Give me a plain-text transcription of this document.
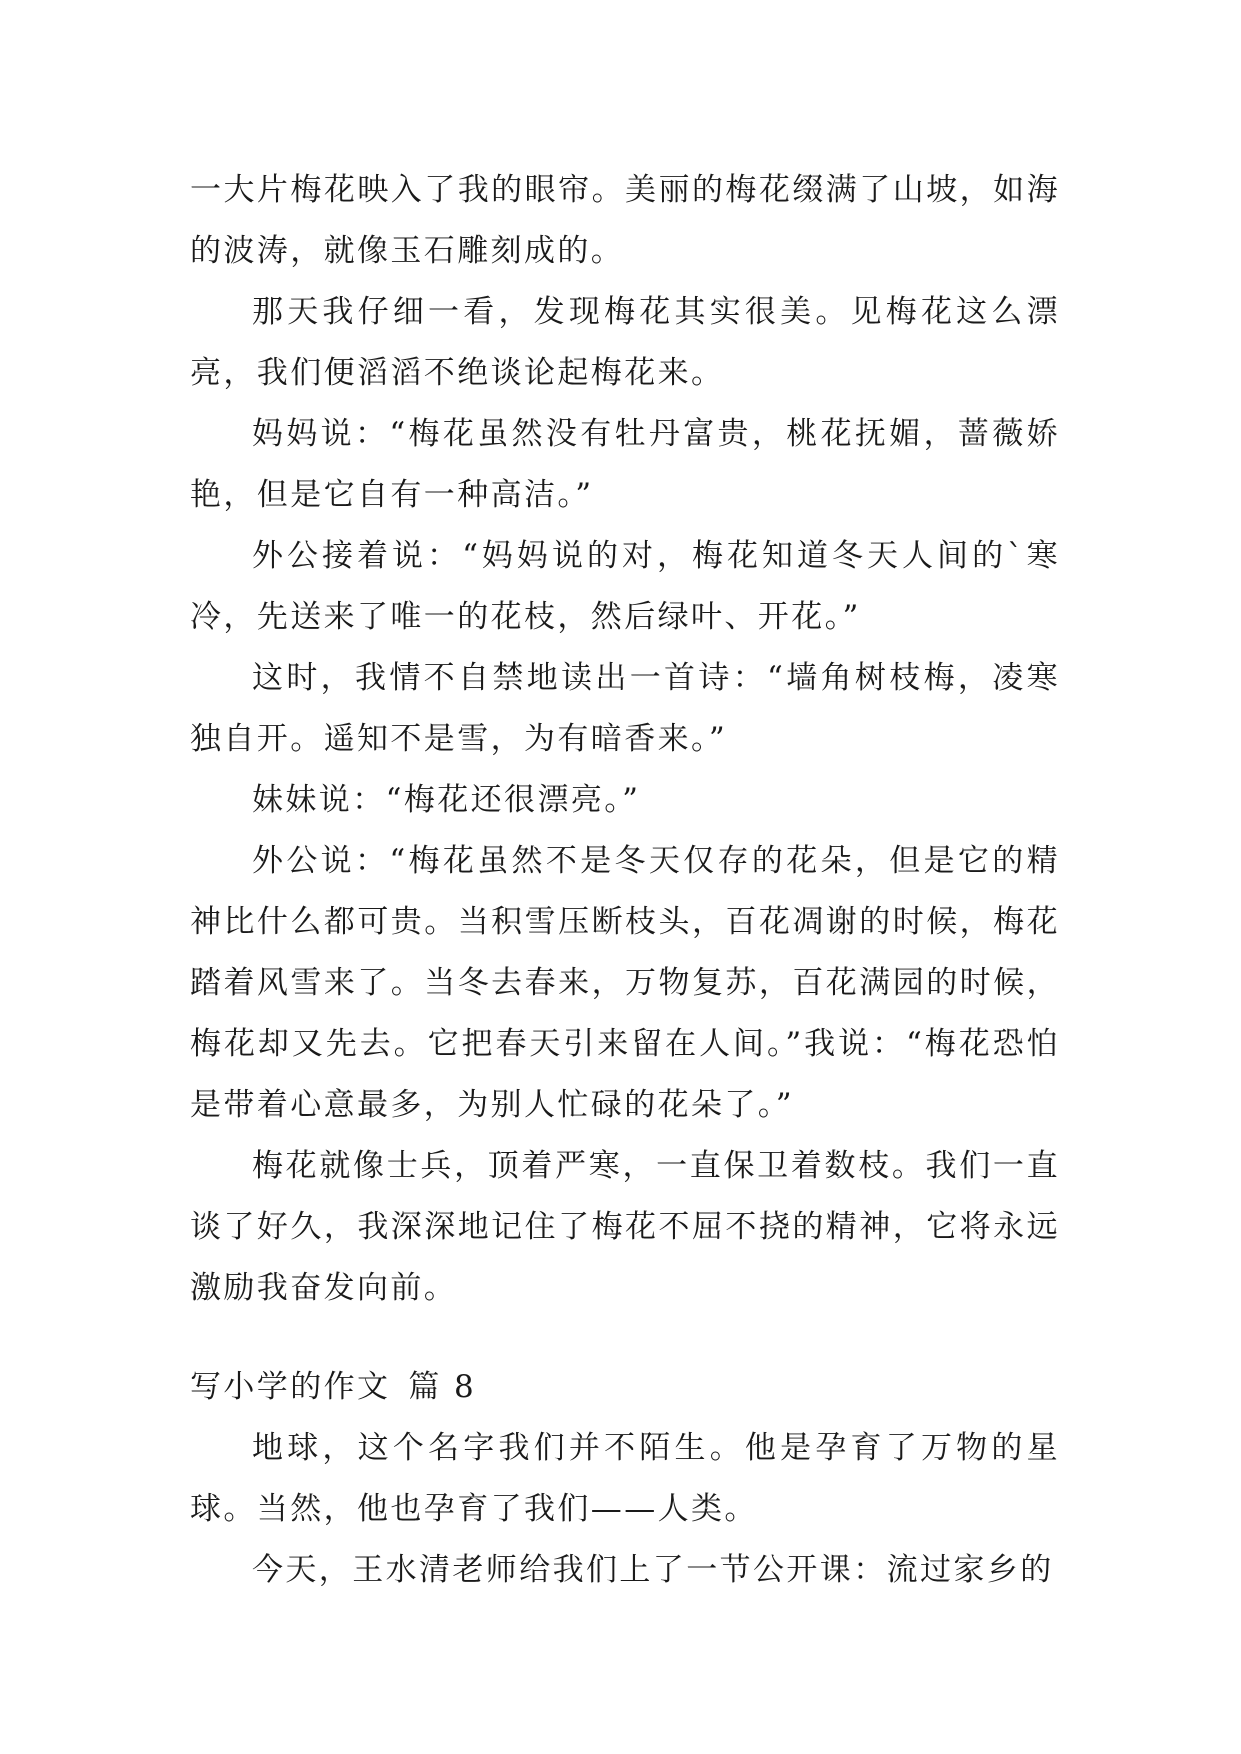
一大片梅花映入了我的眼帘。美丽的梅花缀满了山坡，如海的波涛，就像玉石雕刻成的。

那天我仔细一看，发现梅花其实很美。见梅花这么漂亮，我们便滔滔不绝谈论起梅花来。

妈妈说：“梅花虽然没有牡丹富贵，桃花抚媚，蔷薇娇艳，但是它自有一种高洁。”

外公接着说：“妈妈说的对，梅花知道冬天人间的`寒冷，先送来了唯一的花枝，然后绿叶、开花。”

这时，我情不自禁地读出一首诗：“墙角树枝梅，凌寒独自开。遥知不是雪，为有暗香来。”

妹妹说：“梅花还很漂亮。”

外公说：“梅花虽然不是冬天仅存的花朵，但是它的精神比什么都可贵。当积雪压断枝头，百花凋谢的时候，梅花踏着风雪来了。当冬去春来，万物复苏，百花满园的时候，梅花却又先去。它把春天引来留在人间。”我说：“梅花恐怕是带着心意最多，为别人忙碌的花朵了。”

梅花就像士兵，顶着严寒，一直保卫着数枝。我们一直谈了好久，我深深地记住了梅花不屈不挠的精神，它将永远激励我奋发向前。

写小学的作文 篇 8

地球，这个名字我们并不陌生。他是孕育了万物的星球。当然，他也孕育了我们——人类。

今天，王水清老师给我们上了一节公开课：流过家乡的
